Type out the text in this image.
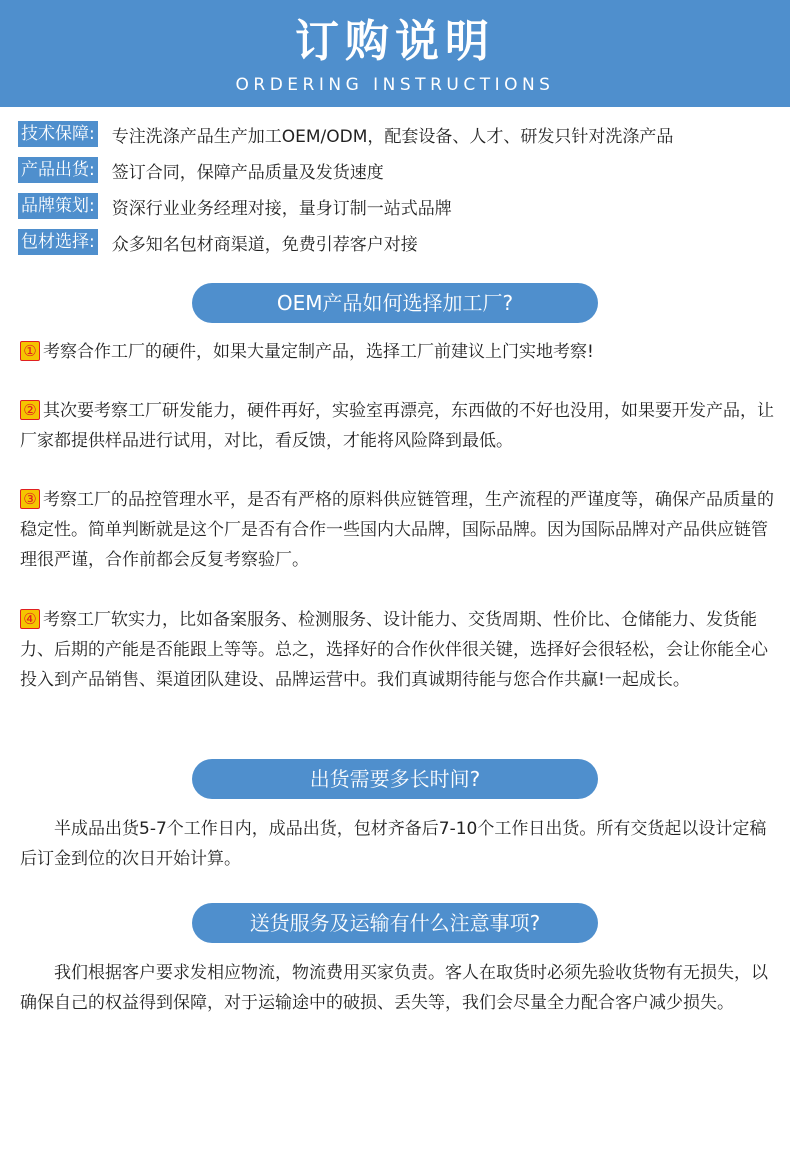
订购说明
ORDERING INSTRUCTIONS
技术保障: 专注洗涤产品生产加工OEM/ODM，配套设备、人才、研发只针对洗涤产品
产品出货: 签订合同，保障产品质量及发货速度
品牌策划: 资深行业业务经理对接，量身订制一站式品牌
包材选择: 众多知名包材商渠道，免费引荐客户对接
OEM产品如何选择加工厂?

① 考察合作工厂的硬件，如果大量定制产品，选择工厂前建议上门实地考察!

② 其次要考察工厂研发能力，硬件再好，实验室再漂亮，东西做的不好也没用，如果要开发产品，让厂家都提供样品进行试用，对比，看反馈，才能将风险降到最低。

③ 考察工厂的品控管理水平，是否有严格的原料供应链管理，生产流程的严谨度等，确保产品质量的稳定性。简单判断就是这个厂是否有合作一些国内大品牌，国际品牌。因为国际品牌对产品供应链管理很严谨，合作前都会反复考察验厂。

④ 考察工厂软实力，比如备案服务、检测服务、设计能力、交货周期、性价比、仓储能力、发货能力、后期的产能是否能跟上等等。总之，选择好的合作伙伴很关键，选择好会很轻松，会让你能全心投入到产品销售、渠道团队建设、品牌运营中。我们真诚期待能与您合作共赢!一起成长。

出货需要多长时间?

半成品出货5-7个工作日内，成品出货，包材齐备后7-10个工作日出货。所有交货起以设计定稿后订金到位的次日开始计算。

送货服务及运输有什么注意事项?

我们根据客户要求发相应物流，物流费用买家负责。客人在取货时必须先验收货物有无损失，以确保自己的权益得到保障，对于运输途中的破损、丢失等，我们会尽量全力配合客户减少损失。
